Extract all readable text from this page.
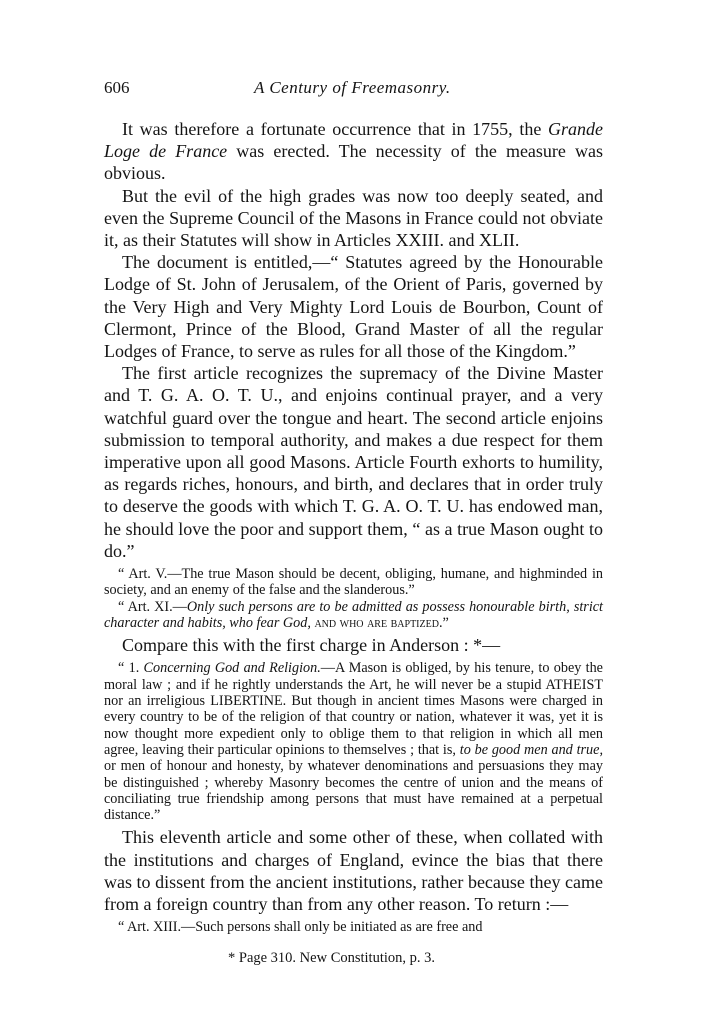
606	A Century of Freemasonry.

It was therefore a fortunate occurrence that in 1755, the Grande Loge de France was erected. The necessity of the measure was obvious.

But the evil of the high grades was now too deeply seated, and even the Supreme Council of the Masons in France could not obviate it, as their Statutes will show in Articles XXIII. and XLII.

The document is entitled,—“ Statutes agreed by the Honourable Lodge of St. John of Jerusalem, of the Orient of Paris, governed by the Very High and Very Mighty Lord Louis de Bourbon, Count of Clermont, Prince of the Blood, Grand Master of all the regular Lodges of France, to serve as rules for all those of the Kingdom.”

The first article recognizes the supremacy of the Divine Master and T. G. A. O. T. U., and enjoins continual prayer, and a very watchful guard over the tongue and heart. The second article enjoins submission to temporal authority, and makes a due respect for them imperative upon all good Masons. Article Fourth exhorts to humility, as regards riches, honours, and birth, and declares that in order truly to deserve the goods with which T. G. A. O. T. U. has endowed man, he should love the poor and support them, “ as a true Mason ought to do.”

“ Art. V.—The true Mason should be decent, obliging, humane, and highminded in society, and an enemy of the false and the slanderous.”

“ Art. XI.—Only such persons are to be admitted as possess honourable birth, strict character and habits, who fear God, and who are baptized.”

Compare this with the first charge in Anderson : *—

“ 1. Concerning God and Religion.—A Mason is obliged, by his tenure, to obey the moral law ; and if he rightly understands the Art, he will never be a stupid ATHEIST nor an irreligious LIBERTINE. But though in ancient times Masons were charged in every country to be of the religion of that country or nation, whatever it was, yet it is now thought more expedient only to oblige them to that religion in which all men agree, leaving their particular opinions to themselves ; that is, to be good men and true, or men of honour and honesty, by whatever denominations and persuasions they may be distinguished ; whereby Masonry becomes the centre of union and the means of conciliating true friendship among persons that must have remained at a perpetual distance.”

This eleventh article and some other of these, when collated with the institutions and charges of England, evince the bias that there was to dissent from the ancient institutions, rather because they came from a foreign country than from any other reason. To return :—

“ Art. XIII.—Such persons shall only be initiated as are free and

* Page 310. New Constitution, p. 3.
